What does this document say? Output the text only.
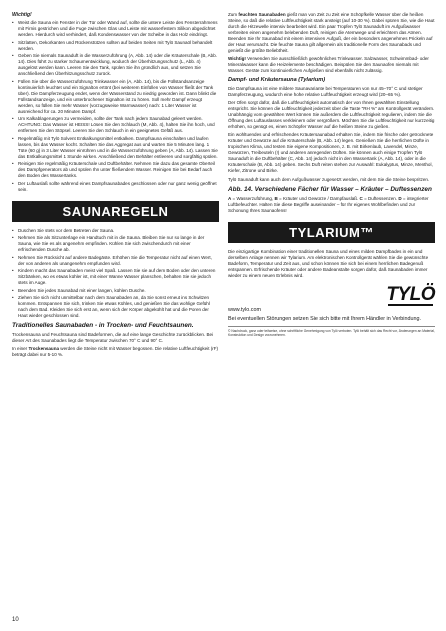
Wichtig!
• Weist die Sauna ein Fenster in der Tür oder Wand auf, sollte die untere Leiste des Fensterrahmens mit Firnis gestrichen und die Fuge zwischen Glas und Leiste mit wasserfestem Silikon abgedichtet werden. Hierdurch wird verhindert, daß Kondenswasser von der Scheibe in das Holz eindringt.
• Sitzlatten, Dekorkanten und Rückenstützen sollten auf beiden Seiten mit Tylö Saunaöl behandelt werden.
• Geben Sie niemals Saunaduft in die Wasserzuführung (A, Abb. 14) oder die Kräuterschale (B, Abb. 14). Dies führt zu starker Schaumentwicklung, wodurch der Überhitzungsschutz (L, Abb. 4) ausgelöst werden kann. Leeren Sie den Tank, spülen Sie ihn gründlich aus, und setzen Sie anschließend den Überhitzungsschutz zurück.
• Füllen Sie über die Wasserzuführung Trinkwasser ein (A, Abb. 14), bis die Füllstandsanzeige kontinuierlich leuchtet und ein Signalton ertönt (bei weiterem Einfüllen von Wasser fließt der Tank über). Die Dampferzeugung endet, wenn der Wasserstand zu niedrig geworden ist. Dann blinkt die Füllstandsanzeige, und ein unterbrochener Signalton ist zu hören. Soll mehr Dampf erzeugt werden, so füllen Sie mehr Wasser (vorzugsweise Warmwasser) nach: 1 Liter Wasser ist ausreichend für ca. 20 Minuten Dampf.
• Um Kalkablagerungen zu vermeiden, sollte der Tank nach jedem Saunabad geleert werden. ACHTUNG: Das Wasser ist HEISS! Lösen Sie den Schlauch (M, Abb. 4), halten Sie ihn hoch, und entfernen Sie den Stöpsel. Leeren Sie den Schlauch in ein geeignetes Gefäß aus.
• Regelmäßig mit Tylö Solvent Entkalkungsmittel entkalken. Dampfsauna einschalten und laufen lassen, bis das Wasser kocht. Schalten Sie das Aggregat aus und warten Sie 5 Minuten lang. 1 Tüte (60 g) in 3 Liter Wasser einrühren und in die Wasserzuführung geben (A, Abb. 14). Lassen Sie das Entkalkungsmittel 1 Stunde wirken. Anschließend den Behälter entleeren und sorgfältig spülen.
• Reinigen Sie regelmäßig Kräuterschale und Duftbehälter. Nehmen Sie dazu das gesamte Oberteil des Dampfgenerators ab und spülen Ihn unter fließendem Wasser. Reinigen Sie bei Bedarf auch den Boden des Wassertanks.
• Der Luftauslaß sollte während eines Dampfsaunabades geschlossen oder nur ganz wenig geöffnet sein.
SAUNAREGELN
• Duschen Sie stets vor dem Betreten der Sauna.
• Nehmen Sie als Sitzunterlage ein Handtuch mit in die Sauna. Bleiben Sie nur so lange in der Sauna, wie Sie es als angenehm empfinden. Kühlen Sie sich zwischendurch mit einer erfrischenden Dusche ab.
• Nehmen Sie Rücksicht auf andere Badegäste. Erhöhen Sie die Temperatur nicht auf einen Wert, der von anderen als unangenehm empfunden wird.
• Kindern macht das Saunabaden meist viel Spaß. Lassen Sie sie auf dem Boden oder den unteren Sitzbänken, wo es etwas kühler ist, mit einer Wanne Wasser planschen, behalten Sie sie jedoch stets im Auge.
• Beenden Sie jedes Saunabad mit einer langen, kühlen Dusche.
• Ziehen Sie sich nicht unmittelbar nach dem Saunabaden an, da Sie sonst erneut ins Schwitzen kommen. Entspannen Sie sich, trinken Sie etwas Kühles, und genießen Sie das wohlige Gefühl nach dem Bad. Kleiden Sie sich erst an, wenn sich der Körper abgekühlt hat und die Poren der Haut wieder geschlossen sind.
Traditionelles Saunabaden - in Trocken- und Feuchtsaunen.

Trockensauna und Feuchtsauna sind Badeformen, die auf eine lange Geschichte zurückblicken. Bei dieser Art des Saunabades liegt die Temperatur zwischen 70° C und 90° C.

In einer Trockensauna werden die Steine nicht mit Wasser begossen. Die relative Luftfeuchtigkeit (rF) beträgt dabei nur 5-10 %.

Zum feuchten Saunabaden gießt man von Zeit zu Zeit eine Schöpfkelle Wasser über die heißen Steine, so daß die relative Luftfeuchtigkeit stark ansteigt (auf 10-30 %). Dabei spüren Sie, wie die Haut durch die Hitzewelle intensiv bearbeitet wird. Ein paar Tropfen Tylö Saunaduft im Aufgußwasser verbreiten einen angenehm belebenden Duft, reinigen die Atemwege und erleichtern das Atmen. Beenden Sie Ihr Saunabad mit einem intensiven Aufguß, der ein besonders angenehmes Prickeln auf der Haut verursacht. Die feuchte Sauna gilt allgemein als traditionelle Form des Saunabads und genießt die größte Beliebtheit.

Wichtig! Verwenden Sie ausschließlich gewöhnliches Trinkwasser. Salzwasser, Schwimmbad- oder Mineralwasser kann die Heizelemente beschädigen. Beispülen Sie den Saunaofen niemals mit Wasser. Geräte zum kontinuierlichen Aufgießen sind ebenfalls nicht zulässig.

Dampf- und Kräutersauna (Tylarium)

Die Dampfsauna ist eine mildere Saunavariante bei Temperaturen von nur 45–70° C und stetiger Dampferzeugung, wodurch eine hohe relative Luftfeuchtigkeit erzeugt wird (20–65 %).

Der Ofen sorgt dafür, daß die Luftfeuchtigkeit automatisch der von Ihnen gewählten Einstellung entspricht. Sie können die Luftfeuchtigkeit jederzeit über die Taste "RH %" am Kontrollgerät verändern. Unabhängig vom gewählten Wert können Sie außerdem die Luftfeuchtigkeit regulieren, indem Sie die Öffnung des Luftauslasses verkleinern oder vergrößern. Möchten Sie die Luftfeuchtigkeit nur kurzzeitig erhöhen, so genügt es, einen Schöpfer Wasser auf die heißen Steine zu gießen.

Ein wohltuendes und erfrischendes Kräutersaunabad erhalten Sie, indem Sie frische oder getrocknete Kräuter und Gewürze auf die Kräuterschale (B, Abb. 14) legen. Genießen Sie die herrlichen Düfte in tropischen Klima, und testen Sie eigene Kompositionen, z. B. mit Birkenlaub, Lavendel, Minze, Gewürzen, Treibeuteln (!) und anderen anregenden Düften. Sie können auch einige Tropfen Tylö Saunaduft in die Duftbehälter (C, Abb. 14) jedoch nicht in den Wassertank (A, Abb. 14), oder in die Kräuterschale (B, Abb. 14) geben. Sechs Duft reiten stehen zur Auswahl: Eukalyptus, Minze, Menthol, Kiefer, Zitrone und Birke.

Tylö Saunaduft kann auch dem Aufgußwasser zugesetzt werden, mit dem Sie die Steine bespritzen.

Abb. 14. Verschiedene Fächer für Wasser – Kräuter – Duftessenzen

A = Wasserzuführung, B = Kräuter und Gewürze / Dampfauslaß. C = Duftessenzen. D = integrierter Luftbefeuchter. Halten Sie diese Begriffe auseinander – für Ihr eigenes Wohlbefinden und zur Schonung Ihres Saunaofens!

TYLARIUM™

Die einzigartige Kombination einer traditionellen Sauna und eines milden Dampfbades in ein und derselben Anlage nennen wir Tylarium. Am elektronischen Kontrollgerät wählen Sie die gewünschte Badeform, Temperatur und Zeit aus, und schon können Sie sich bei einem herrlichen Badegenuß entspannen. Erfrischende Kräuter oder andere Badeanstalte sorgen dafür, daß Saunabaden immer wieder zu einem neuen Erlebnis wird.

TYLÖ
www.tylo.com
Bei eventuellen Störungen setzen Sie sich bitte mit Ihrem Händler in Verbindung.
© Nachdruck, ganz oder teilweise, ohne schriftliche Genehmigung von Tylö verboten. Tylö behält sich das Recht vor, Änderungen an Material, Konstruktion und Design vorzunehmen.
10
